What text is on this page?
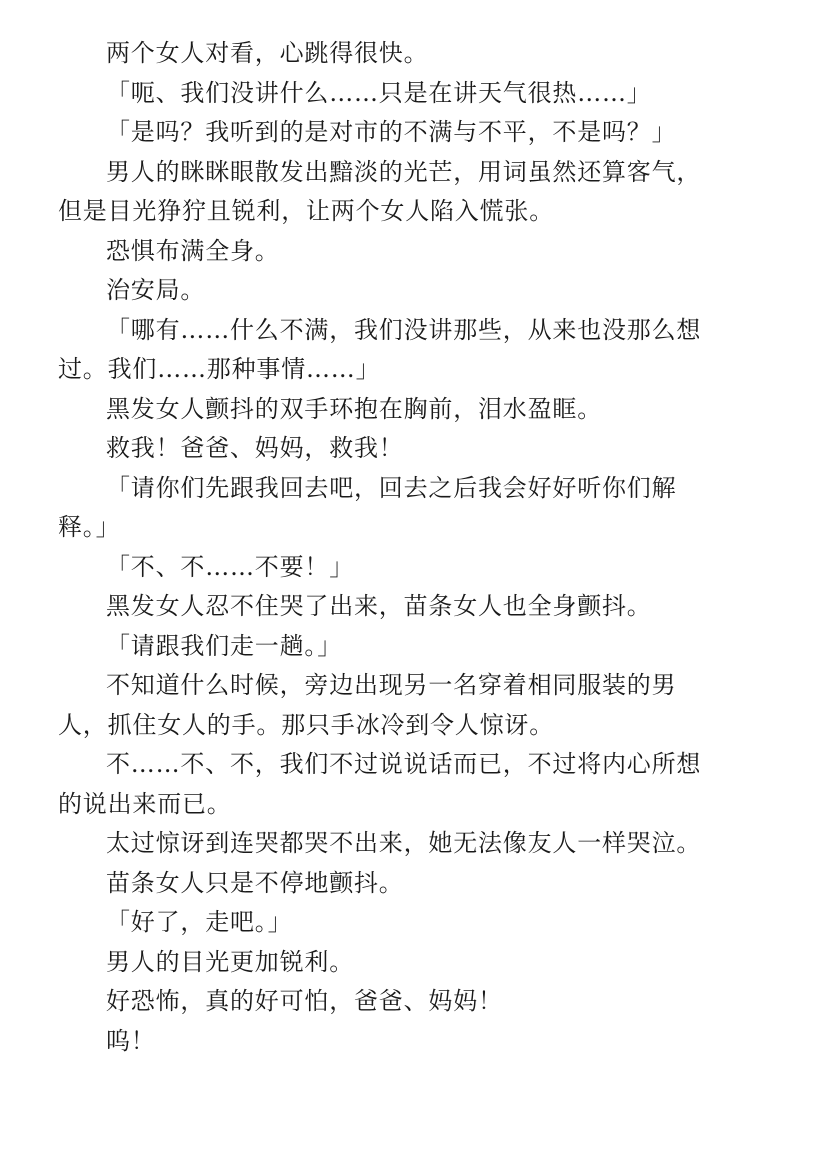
两个女人对看，心跳得很快。

「呃、我们没讲什么……只是在讲天气很热……」

「是吗？我听到的是对市的不满与不平，不是吗？」

男人的眯眯眼散发出黯淡的光芒，用词虽然还算客气，
但是目光狰狞且锐利，让两个女人陷入慌张。

恐惧布满全身。

治安局。

「哪有……什么不满，我们没讲那些，从来也没那么想
过。我们……那种事情……」

黑发女人颤抖的双手环抱在胸前，泪水盈眶。

救我！爸爸、妈妈，救我！

「请你们先跟我回去吧，回去之后我会好好听你们解
释。」

「不、不……不要！」

黑发女人忍不住哭了出来，苗条女人也全身颤抖。

「请跟我们走一趟。」

不知道什么时候，旁边出现另一名穿着相同服装的男
人，抓住女人的手。那只手冰冷到令人惊讶。

不……不、不，我们不过说说话而已，不过将内心所想
的说出来而已。

太过惊讶到连哭都哭不出来，她无法像友人一样哭泣。

苗条女人只是不停地颤抖。

「好了，走吧。」

男人的目光更加锐利。

好恐怖，真的好可怕，爸爸、妈妈！

呜！
